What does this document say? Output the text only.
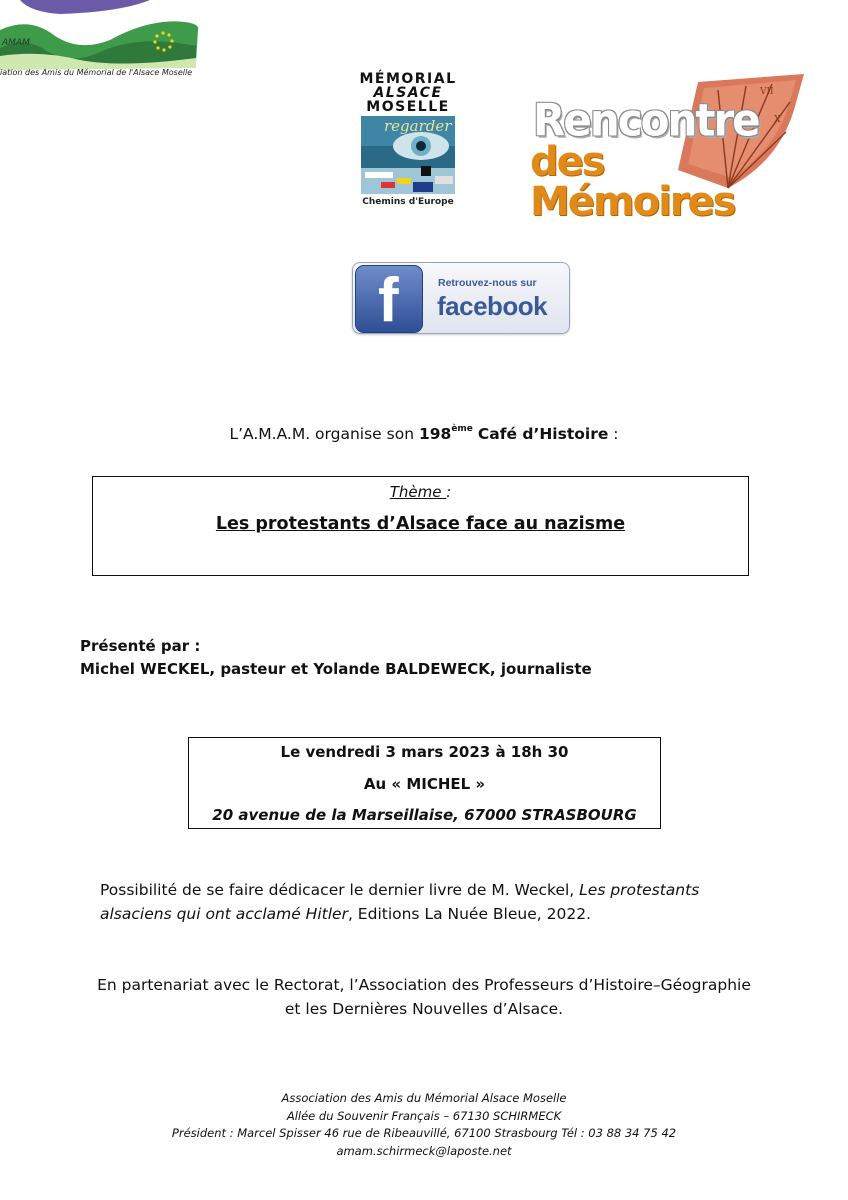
AMAM
iation des Amis du Mémorial de l'Alsace Moselle	MÉMORIAL
ALSACE
MOSELLE
regarder
Chemins d'Europe
VII
X
Rencontre
des Mémoires
f	Retrouvez-nous sur
facebook
L’A.M.A.M. organise son 198ème Café d’Histoire :
Thème :
Les protestants d’Alsace face au nazisme
Présenté par :
Michel WECKEL, pasteur et Yolande BALDEWECK, journaliste
Le vendredi 3 mars 2023 à 18h 30
Au « MICHEL »
20 avenue de la Marseillaise, 67000 STRASBOURG
Possibilité de se faire dédicacer le dernier livre de M. Weckel, Les protestants
alsaciens qui ont acclamé Hitler, Editions La Nuée Bleue, 2022.
En partenariat avec le Rectorat, l’Association des Professeurs d’Histoire–Géographie
et les Dernières Nouvelles d’Alsace.
Association des Amis du Mémorial Alsace Moselle
Allée du Souvenir Français – 67130 SCHIRMECK
Président : Marcel Spisser 46 rue de Ribeauvillé, 67100 Strasbourg Tél : 03 88 34 75 42
amam.schirmeck@laposte.net
